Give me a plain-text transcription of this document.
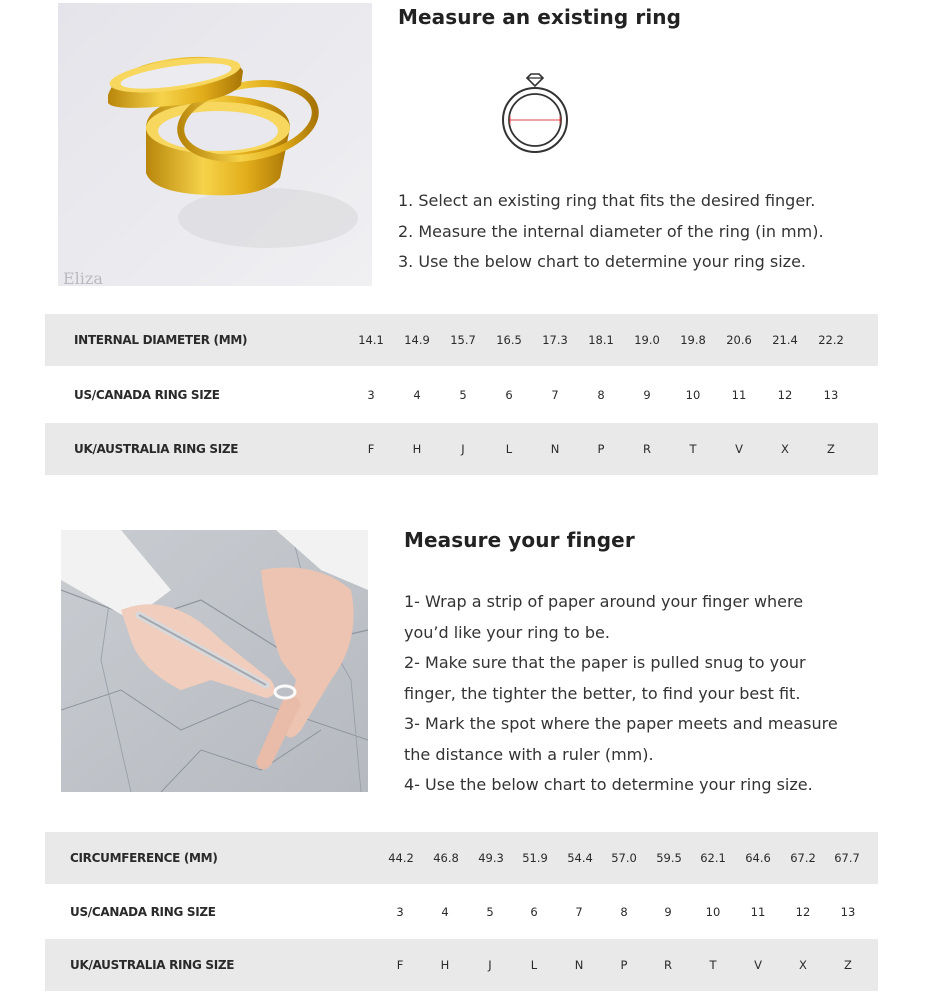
Eliza
Measure an existing ring
1. Select an existing ring that fits the desired finger.
2. Measure the internal diameter of the ring (in mm).
3. Use the below chart to determine your ring size.
INTERNAL DIAMETER (MM)	14.1	14.9	15.7	16.5	17.3	18.1	19.0	19.8	20.6	21.4	22.2
US/CANADA RING SIZE	3	4	5	6	7	8	9	10	11	12	13
UK/AUSTRALIA RING SIZE	F	H	J	L	N	P	R	T	V	X	Z
Measure your finger
1- Wrap a strip of paper around your finger where
you’d like your ring to be.
2- Make sure that the paper is pulled snug to your
finger, the tighter the better, to find your best fit.
3- Mark the spot where the paper meets and measure
the distance with a ruler (mm).
4- Use the below chart to determine your ring size.
CIRCUMFERENCE (MM)	44.2	46.8	49.3	51.9	54.4	57.0	59.5	62.1	64.6	67.2	67.7
US/CANADA RING SIZE	3	4	5	6	7	8	9	10	11	12	13
UK/AUSTRALIA RING SIZE	F	H	J	L	N	P	R	T	V	X	Z
